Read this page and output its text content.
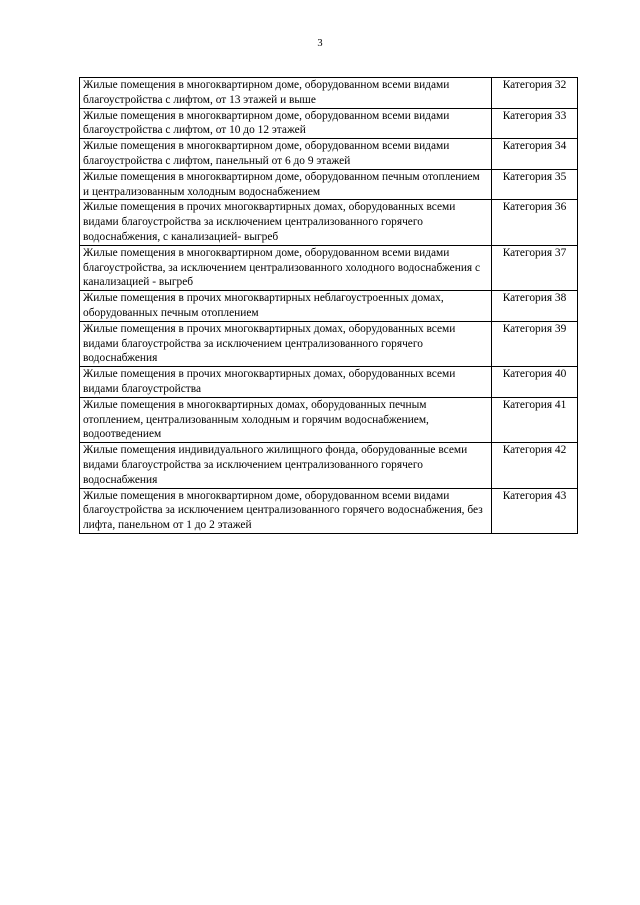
3
Жилые помещения в многоквартирном доме, оборудованном всеми видами благоустройства с лифтом, от 13 этажей и выше	Категория 32
Жилые помещения в многоквартирном доме, оборудованном всеми видами благоустройства с лифтом, от 10 до 12 этажей	Категория 33
Жилые помещения в многоквартирном доме, оборудованном всеми видами благоустройства с лифтом, панельный от 6 до 9 этажей	Категория 34
Жилые помещения в многоквартирном доме, оборудованном печным отоплением и централизованным холодным водоснабжением	Категория 35
Жилые помещения в прочих многоквартирных домах, оборудованных всеми видами благоустройства за исключением централизованного горячего водоснабжения, с канализацией- выгреб	Категория 36
Жилые помещения в многоквартирном доме, оборудованном всеми видами благоустройства, за исключением централизованного холодного водоснабжения с канализацией - выгреб	Категория 37
Жилые помещения в прочих многоквартирных неблагоустроенных домах, оборудованных печным отоплением	Категория 38
Жилые помещения в прочих многоквартирных домах, оборудованных всеми видами благоустройства за исключением централизованного горячего водоснабжения	Категория 39
Жилые помещения в прочих многоквартирных домах, оборудованных всеми видами благоустройства	Категория 40
Жилые помещения в многоквартирных домах, оборудованных печным отоплением, централизованным холодным и горячим водоснабжением, водоотведением	Категория 41
Жилые помещения индивидуального жилищного фонда, оборудованные всеми видами благоустройства за исключением централизованного горячего водоснабжения	Категория 42
Жилые помещения в многоквартирном доме, оборудованном всеми видами благоустройства за исключением централизованного горячего водоснабжения, без лифта, панельном от 1 до 2 этажей	Категория 43
